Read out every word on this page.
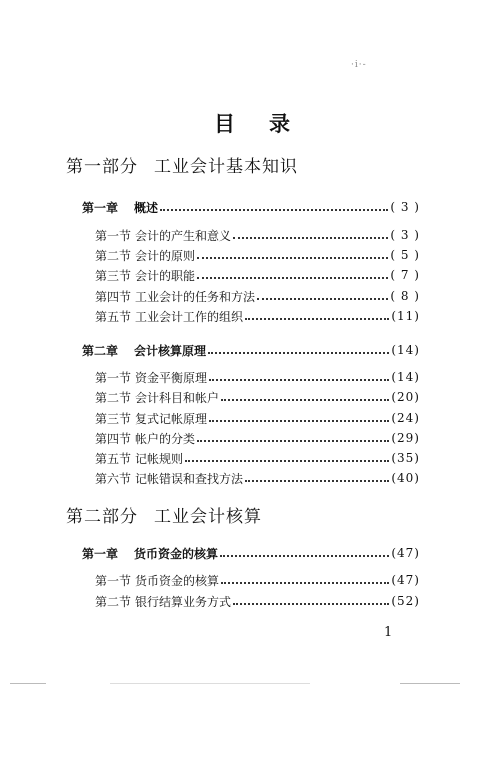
·i·-
目录
第一部分 工业会计基本知识
第一章	概述	( 3 )
第一节 会计的产生和意义	( 3 )
第二节 会计的原则	( 5 )
第三节 会计的职能	( 7 )
第四节 工业会计的任务和方法	( 8 )
第五节 工业会计工作的组织	(11)
第二章	会计核算原理	(14)
第一节 资金平衡原理	(14)
第二节 会计科目和帐户	(20)
第三节 复式记帐原理	(24)
第四节 帐户的分类	(29)
第五节 记帐规则	(35)
第六节 记帐错误和查找方法	(40)
第二部分 工业会计核算
第一章	货币资金的核算	(47)
第一节 货币资金的核算	(47)
第二节 银行结算业务方式	(52)
1
